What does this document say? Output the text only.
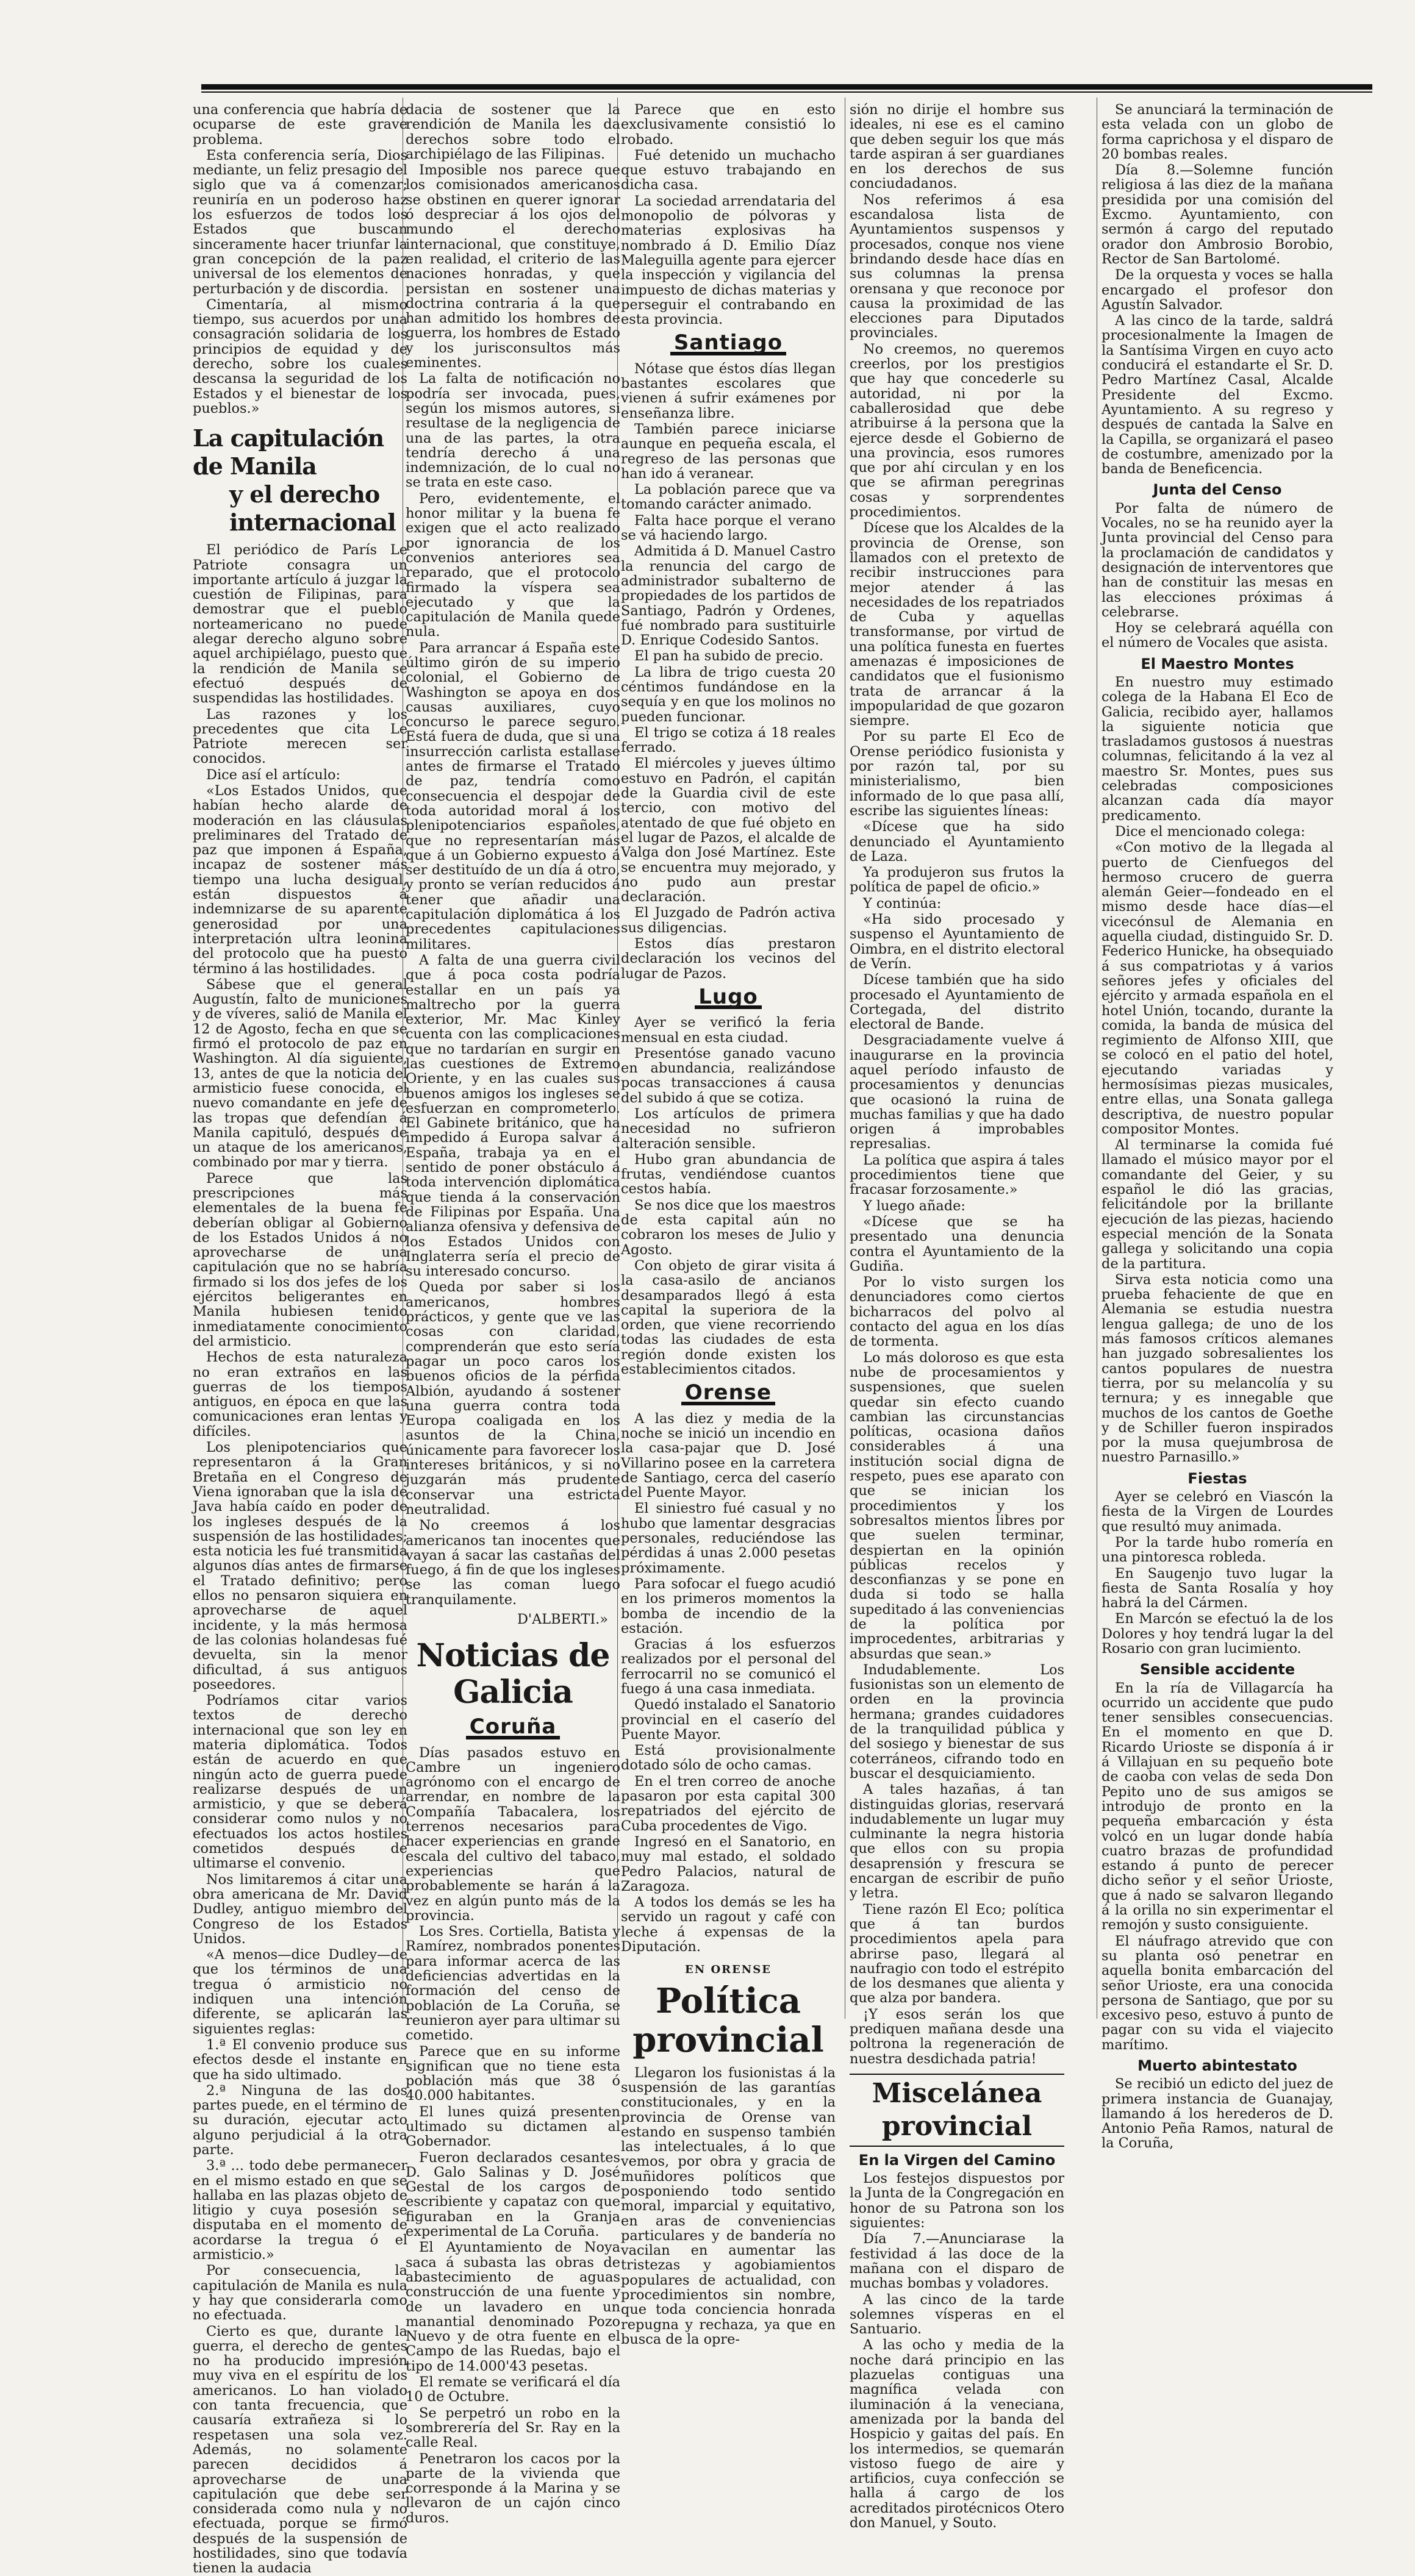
una conferencia que habría de ocuparse de este grave problema.

Esta conferencia sería, Dios mediante, un feliz presagio del siglo que va á comenzar; reuniría en un poderoso haz los esfuerzos de todos los Estados que buscan sinceramente hacer triunfar la gran concepción de la paz universal de los elementos de perturbación y de discordia.

Cimentaría, al mismo tiempo, sus acuerdos por una consagración solidaria de los principios de equidad y de derecho, sobre los cuales descansa la seguridad de los Estados y el bienestar de los pueblos.»

La capitulación de Manila
y el derecho internacional

El periódico de París Le Patriote consagra un importante artículo á juzgar la cuestión de Filipinas, para demostrar que el pueblo norteamericano no puede alegar derecho alguno sobre aquel archipiélago, puesto que la rendición de Manila se efectuó después de suspendidas las hostilidades.

Las razones y los precedentes que cita Le Patriote merecen ser conocidos.

Dice así el artículo:

«Los Estados Unidos, que habían hecho alarde de moderación en las cláusulas preliminares del Tratado de paz que imponen á España, incapaz de sostener más tiempo una lucha desigual, están dispuestos á indemnizarse de su aparente generosidad por una interpretación ultra leonina del protocolo que ha puesto término á las hostilidades.

Sábese que el general Augustín, falto de municiones y de víveres, salió de Manila el 12 de Agosto, fecha en que se firmó el protocolo de paz en Washington. Al día siguiente, 13, antes de que la noticia del armisticio fuese conocida, el nuevo comandante en jefe de las tropas que defendían á Manila capituló, después de un ataque de los americanos, combinado por mar y tierra.

Parece que las prescripciones más elementales de la buena fe deberían obligar al Gobierno de los Estados Unidos á no aprovecharse de una capitulación que no se habría firmado si los dos jefes de los ejércitos beligerantes en Manila hubiesen tenido inmediatamente conocimiento del armisticio.

Hechos de esta naturaleza no eran extraños en las guerras de los tiempos antiguos, en época en que las comunicaciones eran lentas y difíciles.

Los plenipotenciarios que representaron á la Gran Bretaña en el Congreso de Viena ignoraban que la isla de Java había caído en poder de los ingleses después de la suspensión de las hostilidades; esta noticia les fué transmitida algunos días antes de firmarse el Tratado definitivo; pero ellos no pensaron siquiera en aprovecharse de aquel incidente, y la más hermosa de las colonias holandesas fué devuelta, sin la menor dificultad, á sus antiguos poseedores.

Podríamos citar varios textos de derecho internacional que son ley en materia diplomática. Todos están de acuerdo en que ningún acto de guerra puede realizarse después de un armisticio, y que se deberá considerar como nulos y no efectuados los actos hostiles cometidos después de ultimarse el convenio.

Nos limitaremos á citar una obra americana de Mr. David Dudley, antiguo miembro del Congreso de los Estados Unidos.

«A menos—dice Dudley—de que los términos de una tregua ó armisticio no indiquen una intención diferente, se aplicarán las siguientes reglas:

1.ª El convenio produce sus efectos desde el instante en que ha sido ultimado.

2.ª Ninguna de las dos partes puede, en el término de su duración, ejecutar acto alguno perjudicial á la otra parte.

3.ª ... todo debe permanecer en el mismo estado en que se hallaba en las plazas objeto de litigio y cuya posesión se disputaba en el momento de acordarse la tregua ó el armisticio.»

Por consecuencia, la capitulación de Manila es nula y hay que considerarla como no efectuada.

Cierto es que, durante la guerra, el derecho de gentes no ha producido impresión muy viva en el espíritu de los americanos. Lo han violado con tanta frecuencia, que causaría extrañeza si lo respetasen una sola vez. Además, no solamente parecen decididos á aprovecharse de una capitulación que debe ser considerada como nula y no efectuada, porque se firmó después de la suspensión de hostilidades, sino que todavía tienen la audacia

dacia de sostener que la rendición de Manila les da derechos sobre todo el archipiélago de las Filipinas.

Imposible nos parece que los comisionados americanos se obstinen en querer ignorar ó despreciar á los ojos del mundo el derecho internacional, que constituye, en realidad, el criterio de las naciones honradas, y que persistan en sostener una doctrina contraria á la que han admitido los hombres de guerra, los hombres de Estado y los jurisconsultos más eminentes.

La falta de notificación no podría ser invocada, pues, según los mismos autores, si resultase de la negligencia de una de las partes, la otra tendría derecho á una indemnización, de lo cual no se trata en este caso.

Pero, evidentemente, el honor militar y la buena fe exigen que el acto realizado por ignorancia de los convenios anteriores sea reparado, que el protocolo firmado la víspera sea ejecutado y que la capitulación de Manila quede nula.

Para arrancar á España este último girón de su imperio colonial, el Gobierno de Washington se apoya en dos causas auxiliares, cuyo concurso le parece seguro. Está fuera de duda, que si una insurrección carlista estallase antes de firmarse el Tratado de paz, tendría como consecuencia el despojar de toda autoridad moral á los plenipotenciarios españoles, que no representarían más que á un Gobierno expuesto á ser destituído de un día á otro, y pronto se verían reducidos á tener que añadir una capitulación diplomática á los precedentes capitulaciones militares.

A falta de una guerra civil que á poca costa podría estallar en un país ya maltrecho por la guerra exterior, Mr. Mac Kinley cuenta con las complicaciones que no tardarían en surgir en las cuestiones de Extremo Oriente, y en las cuales sus buenos amigos los ingleses se esfuerzan en comprometerlo. El Gabinete británico, que ha impedido á Europa salvar á España, trabaja ya en el sentido de poner obstáculo á toda intervención diplomática que tienda á la conservación de Filipinas por España. Una alianza ofensiva y defensiva de los Estados Unidos con Inglaterra sería el precio de su interesado concurso.

Queda por saber si los americanos, hombres prácticos, y gente que ve las cosas con claridad, comprenderán que esto sería pagar un poco caros los buenos oficios de la pérfida Albión, ayudando á sostener una guerra contra toda Europa coaligada en los asuntos de la China, únicamente para favorecer los intereses británicos, y si no juzgarán más prudente conservar una estricta neutralidad.

No creemos á los americanos tan inocentes que vayan á sacar las castañas del fuego, á fin de que los ingleses se las coman luego tranquilamente.

D'ALBERTI.»
Noticias de Galicia
Coruña

Días pasados estuvo en Cambre un ingeniero agrónomo con el encargo de arrendar, en nombre de la Compañía Tabacalera, los terrenos necesarios para hacer experiencias en grande escala del cultivo del tabaco, experiencias que probablemente se harán á la vez en algún punto más de la provincia.

Los Sres. Cortiella, Batista y Ramírez, nombrados ponentes para informar acerca de las deficiencias advertidas en la formación del censo de población de La Coruña, se reunieron ayer para ultimar su cometido.

Parece que en su informe significan que no tiene esta población más que 38 ó 40.000 habitantes.

El lunes quizá presenten ultimado su dictamen al Gobernador.

Fueron declarados cesantes D. Galo Salinas y D. José Gestal de los cargos de escribiente y capataz con que figuraban en la Granja experimental de La Coruña.

El Ayuntamiento de Noya saca á subasta las obras de abastecimiento de aguas construcción de una fuente y de un lavadero en un manantial denominado Pozo Nuevo y de otra fuente en el Campo de las Ruedas, bajo el tipo de 14.000'43 pesetas.

El remate se verificará el día 10 de Octubre.

Se perpetró un robo en la sombrerería del Sr. Ray en la calle Real.

Penetraron los cacos por la parte de la vivienda que corresponde á la Marina y se llevaron de un cajón cinco duros.

Parece que en esto exclusivamente consistió lo robado.

Fué detenido un muchacho que estuvo trabajando en dicha casa.

La sociedad arrendataria del monopolio de pólvoras y materias explosivas ha nombrado á D. Emilio Díaz Maleguilla agente para ejercer la inspección y vigilancia del impuesto de dichas materias y perseguir el contrabando en esta provincia.

Santiago

Nótase que éstos días llegan bastantes escolares que vienen á sufrir exámenes por enseñanza libre.

También parece iniciarse aunque en pequeña escala, el regreso de las personas que han ido á veranear.

La población parece que va tomando carácter animado.

Falta hace porque el verano se vá haciendo largo.

Admitida á D. Manuel Castro la renuncia del cargo de administrador subalterno de propiedades de los partidos de Santiago, Padrón y Ordenes, fué nombrado para sustituirle D. Enrique Codesido Santos.

El pan ha subido de precio.

La libra de trigo cuesta 20 céntimos fundándose en la sequía y en que los molinos no pueden funcionar.

El trigo se cotiza á 18 reales ferrado.

El miércoles y jueves último estuvo en Padrón, el capitán de la Guardia civil de este tercio, con motivo del atentado de que fué objeto en el lugar de Pazos, el alcalde de Valga don José Martínez. Este se encuentra muy mejorado, y no pudo aun prestar declaración.

El Juzgado de Padrón activa sus diligencias.

Estos días prestaron declaración los vecinos del lugar de Pazos.

Lugo

Ayer se verificó la feria mensual en esta ciudad.

Presentóse ganado vacuno en abundancia, realizándose pocas transacciones á causa del subido á que se cotiza.

Los artículos de primera necesidad no sufrieron alteración sensible.

Hubo gran abundancia de frutas, vendiéndose cuantos cestos había.

Se nos dice que los maestros de esta capital aún no cobraron los meses de Julio y Agosto.

Con objeto de girar visita á la casa-asilo de ancianos desamparados llegó á esta capital la superiora de la orden, que viene recorriendo todas las ciudades de esta región donde existen los establecimientos citados.

Orense

A las diez y media de la noche se inició un incendio en la casa-pajar que D. José Villarino posee en la carretera de Santiago, cerca del caserío del Puente Mayor.

El siniestro fué casual y no hubo que lamentar desgracias personales, reduciéndose las pérdidas á unas 2.000 pesetas próximamente.

Para sofocar el fuego acudió en los primeros momentos la bomba de incendio de la estación.

Gracias á los esfuerzos realizados por el personal del ferrocarril no se comunicó el fuego á una casa inmediata.

Quedó instalado el Sanatorio provincial en el caserío del Puente Mayor.

Está provisionalmente dotado sólo de ocho camas.

En el tren correo de anoche pasaron por esta capital 300 repatriados del ejército de Cuba procedentes de Vigo.

Ingresó en el Sanatorio, en muy mal estado, el soldado Pedro Palacios, natural de Zaragoza.

A todos los demás se les ha servido un ragout y café con leche á expensas de la Diputación.

EN ORENSE
Política provincial

Llegaron los fusionistas á la suspensión de las garantías constitucionales, y en la provincia de Orense van estando en suspenso también las intelectuales, á lo que vemos, por obra y gracia de muñidores políticos que posponiendo todo sentido moral, imparcial y equitativo, en aras de conveniencias particulares y de bandería no vacilan en aumentar las tristezas y agobiamientos populares de actualidad, con procedimientos sin nombre, que toda conciencia honrada repugna y rechaza, ya que en busca de la opre-

sión no dirije el hombre sus ideales, ni ese es el camino que deben seguir los que más tarde aspiran á ser guardianes en los derechos de sus conciudadanos.

Nos referimos á esa escandalosa lista de Ayuntamientos suspensos y procesados, conque nos viene brindando desde hace días en sus columnas la prensa orensana y que reconoce por causa la proximidad de las elecciones para Diputados provinciales.

No creemos, no queremos creerlos, por los prestigios que hay que concederle su autoridad, ni por la caballerosidad que debe atribuirse á la persona que la ejerce desde el Gobierno de una provincia, esos rumores que por ahí circulan y en los que se afirman peregrinas cosas y sorprendentes procedimientos.

Dícese que los Alcaldes de la provincia de Orense, son llamados con el pretexto de recibir instrucciones para mejor atender á las necesidades de los repatriados de Cuba y aquellas transformanse, por virtud de una política funesta en fuertes amenazas é imposiciones de candidatos que el fusionismo trata de arrancar á la impopularidad de que gozaron siempre.

Por su parte El Eco de Orense periódico fusionista y por razón tal, por su ministerialismo, bien informado de lo que pasa allí, escribe las siguientes líneas:

«Dícese que ha sido denunciado el Ayuntamiento de Laza.

Ya produjeron sus frutos la política de papel de oficio.»

Y continúa:

«Ha sido procesado y suspenso el Ayuntamiento de Oimbra, en el distrito electoral de Verín.

Dícese también que ha sido procesado el Ayuntamiento de Cortegada, del distrito electoral de Bande.

Desgraciadamente vuelve á inaugurarse en la provincia aquel período infausto de procesamientos y denuncias que ocasionó la ruina de muchas familias y que ha dado origen á improbables represalias.

La política que aspira á tales procedimientos tiene que fracasar forzosamente.»

Y luego añade:

«Dícese que se ha presentado una denuncia contra el Ayuntamiento de la Gudiña.

Por lo visto surgen los denunciadores como ciertos bicharracos del polvo al contacto del agua en los días de tormenta.

Lo más doloroso es que esta nube de procesamientos y suspensiones, que suelen quedar sin efecto cuando cambian las circunstancias políticas, ocasiona daños considerables á una institución social digna de respeto, pues ese aparato con que se inician los procedimientos y los sobresaltos mientos libres por que suelen terminar, despiertan en la opinión públicas recelos y desconfianzas y se pone en duda si todo se halla supeditado á las conveniencias de la política por improcedentes, arbitrarias y absurdas que sean.»

Indudablemente. Los fusionistas son un elemento de orden en la provincia hermana; grandes cuidadores de la tranquilidad pública y del sosiego y bienestar de sus coterráneos, cifrando todo en buscar el desquiciamiento.

A tales hazañas, á tan distinguidas glorias, reservará indudablemente un lugar muy culminante la negra historia que ellos con su propia desaprensión y frescura se encargan de escribir de puño y letra.

Tiene razón El Eco; política que á tan burdos procedimientos apela para abrirse paso, llegará al naufragio con todo el estrépito de los desmanes que alienta y que alza por bandera.

¡Y esos serán los que prediquen mañana desde una poltrona la regeneración de nuestra desdichada patria!

Miscelánea provincial
En la Virgen del Camino

Los festejos dispuestos por la Junta de la Congregación en honor de su Patrona son los siguientes:

Día 7.—Anunciarase la festividad á las doce de la mañana con el disparo de muchas bombas y voladores.

A las cinco de la tarde solemnes vísperas en el Santuario.

A las ocho y media de la noche dará principio en las plazuelas contiguas una magnífica velada con iluminación á la veneciana, amenizada por la banda del Hospicio y gaitas del país. En los intermedios, se quemarán vistoso fuego de aire y artificios, cuya confección se halla á cargo de los acreditados pirotécnicos Otero don Manuel, y Souto.

Se anunciará la terminación de esta velada con un globo de forma caprichosa y el disparo de 20 bombas reales.

Día 8.—Solemne función religiosa á las diez de la mañana presidida por una comisión del Excmo. Ayuntamiento, con sermón á cargo del reputado orador don Ambrosio Borobio, Rector de San Bartolomé.

De la orquesta y voces se halla encargado el profesor don Agustín Salvador.

A las cinco de la tarde, saldrá procesionalmente la Imagen de la Santísima Virgen en cuyo acto conducirá el estandarte el Sr. D. Pedro Martínez Casal, Alcalde Presidente del Excmo. Ayuntamiento. A su regreso y después de cantada la Salve en la Capilla, se organizará el paseo de costumbre, amenizado por la banda de Beneficencia.

Junta del Censo

Por falta de número de Vocales, no se ha reunido ayer la Junta provincial del Censo para la proclamación de candidatos y designación de interventores que han de constituir las mesas en las elecciones próximas á celebrarse.

Hoy se celebrará aquélla con el número de Vocales que asista.

El Maestro Montes

En nuestro muy estimado colega de la Habana El Eco de Galicia, recibido ayer, hallamos la siguiente noticia que trasladamos gustosos á nuestras columnas, felicitando á la vez al maestro Sr. Montes, pues sus celebradas composiciones alcanzan cada día mayor predicamento.

Dice el mencionado colega:

«Con motivo de la llegada al puerto de Cienfuegos del hermoso crucero de guerra alemán Geier—fondeado en el mismo desde hace días—el vicecónsul de Alemania en aquella ciudad, distinguido Sr. D. Federico Hunicke, ha obsequiado á sus compatriotas y á varios señores jefes y oficiales del ejército y armada española en el hotel Unión, tocando, durante la comida, la banda de música del regimiento de Alfonso XIII, que se colocó en el patio del hotel, ejecutando variadas y hermosísimas piezas musicales, entre ellas, una Sonata gallega descriptiva, de nuestro popular compositor Montes.

Al terminarse la comida fué llamado el músico mayor por el comandante del Geier, y su español le dió las gracias, felicitándole por la brillante ejecución de las piezas, haciendo especial mención de la Sonata gallega y solicitando una copia de la partitura.

Sirva esta noticia como una prueba fehaciente de que en Alemania se estudia nuestra lengua gallega; de uno de los más famosos críticos alemanes han juzgado sobresalientes los cantos populares de nuestra tierra, por su melancolía y su ternura; y es innegable que muchos de los cantos de Goethe y de Schiller fueron inspirados por la musa quejumbrosa de nuestro Parnasillo.»

Fiestas

Ayer se celebró en Viascón la fiesta de la Virgen de Lourdes que resultó muy animada.

Por la tarde hubo romería en una pintoresca robleda.

En Saugenjo tuvo lugar la fiesta de Santa Rosalía y hoy habrá la del Cármen.

En Marcón se efectuó la de los Dolores y hoy tendrá lugar la del Rosario con gran lucimiento.

Sensible accidente

En la ría de Villagarcía ha ocurrido un accidente que pudo tener sensibles consecuencias. En el momento en que D. Ricardo Urioste se disponía á ir á Villajuan en su pequeño bote de caoba con velas de seda Don Pepito uno de sus amigos se introdujo de pronto en la pequeña embarcación y ésta volcó en un lugar donde había cuatro brazas de profundidad estando á punto de perecer dicho señor y el señor Urioste, que á nado se salvaron llegando á la orilla no sin experimentar el remojón y susto consiguiente.

El náufrago atrevido que con su planta osó penetrar en aquella bonita embarcación del señor Urioste, era una conocida persona de Santiago, que por su excesivo peso, estuvo á punto de pagar con su vida el viajecito marítimo.

Muerto abintestato

Se recibió un edicto del juez de primera instancia de Guanajay, llamando á los herederos de D. Antonio Peña Ramos, natural de la Coruña,
